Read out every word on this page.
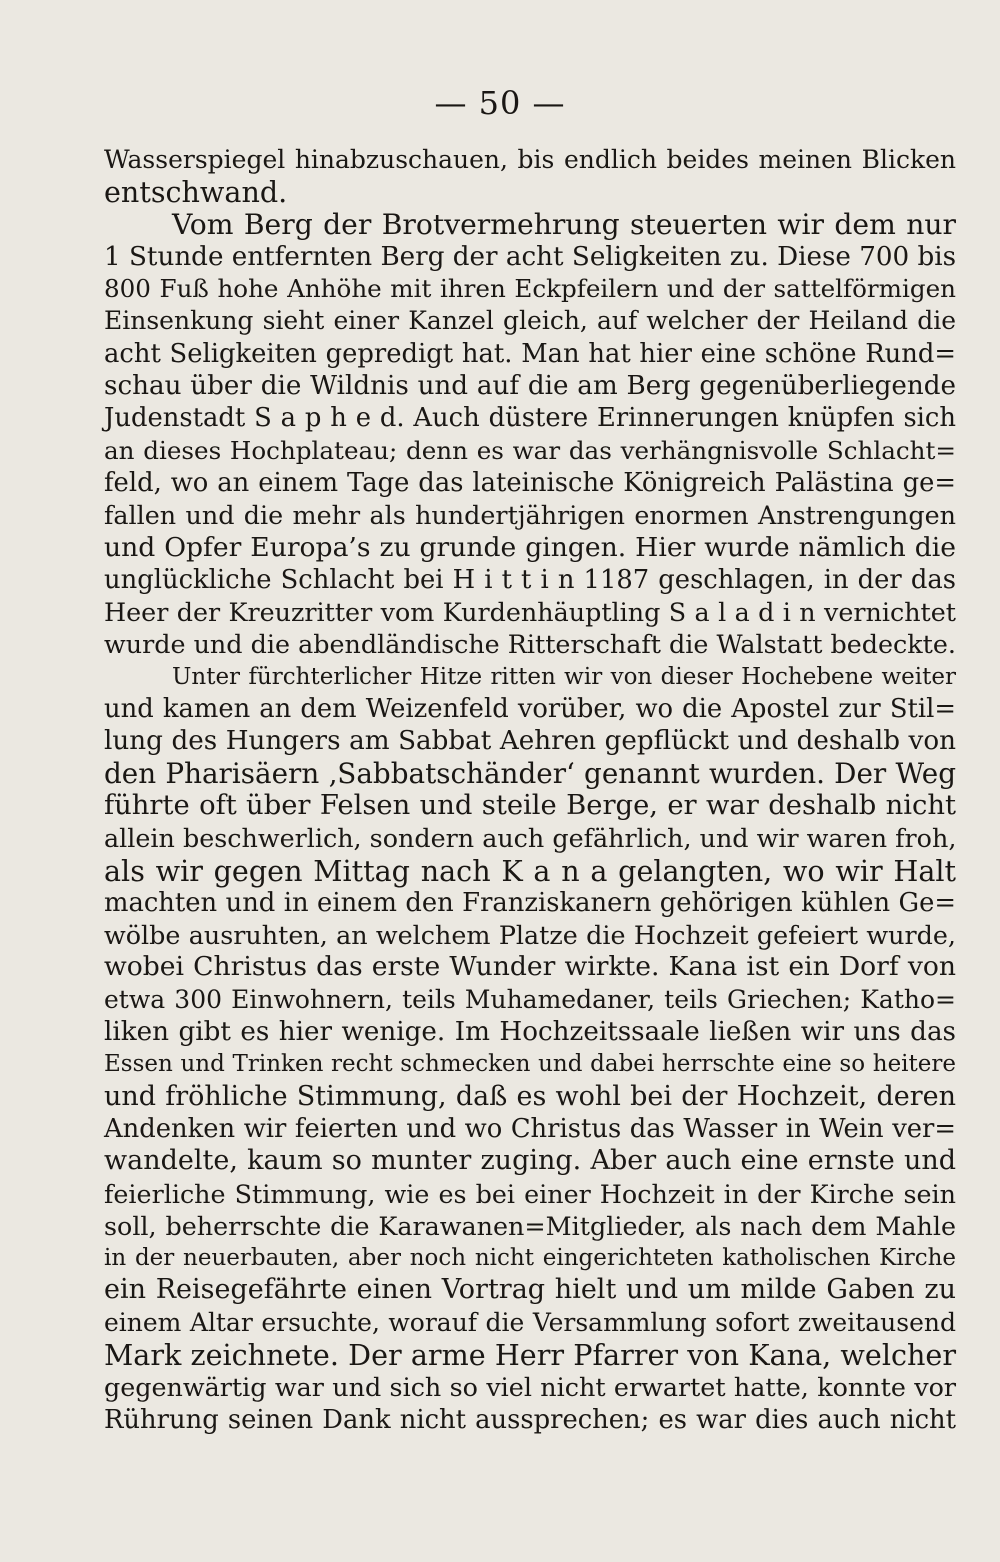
— 50 —
Wasserspiegel hinabzuschauen, bis endlich beides meinen Blicken
entschwand.
Vom Berg der Brotvermehrung steuerten wir dem nur
1 Stunde entfernten Berg der acht Seligkeiten zu. Diese 700 bis
800 Fuß hohe Anhöhe mit ihren Eckpfeilern und der sattelförmigen
Einsenkung sieht einer Kanzel gleich, auf welcher der Heiland die
acht Seligkeiten gepredigt hat. Man hat hier eine schöne Rund=
schau über die Wildnis und auf die am Berg gegenüberliegende
Judenstadt S a p h e d. Auch düstere Erinnerungen knüpfen sich
an dieses Hochplateau; denn es war das verhängnisvolle Schlacht=
feld, wo an einem Tage das lateinische Königreich Palästina ge=
fallen und die mehr als hundertjährigen enormen Anstrengungen
und Opfer Europa’s zu grunde gingen. Hier wurde nämlich die
unglückliche Schlacht bei H i t t i n 1187 geschlagen, in der das
Heer der Kreuzritter vom Kurdenhäuptling S a l a d i n vernichtet
wurde und die abendländische Ritterschaft die Walstatt bedeckte.
Unter fürchterlicher Hitze ritten wir von dieser Hochebene weiter
und kamen an dem Weizenfeld vorüber, wo die Apostel zur Stil=
lung des Hungers am Sabbat Aehren gepflückt und deshalb von
den Pharisäern ‚Sabbatschänder‘ genannt wurden. Der Weg
führte oft über Felsen und steile Berge, er war deshalb nicht
allein beschwerlich, sondern auch gefährlich, und wir waren froh,
als wir gegen Mittag nach K a n a gelangten, wo wir Halt
machten und in einem den Franziskanern gehörigen kühlen Ge=
wölbe ausruhten, an welchem Platze die Hochzeit gefeiert wurde,
wobei Christus das erste Wunder wirkte. Kana ist ein Dorf von
etwa 300 Einwohnern, teils Muhamedaner, teils Griechen; Katho=
liken gibt es hier wenige. Im Hochzeitssaale ließen wir uns das
Essen und Trinken recht schmecken und dabei herrschte eine so heitere
und fröhliche Stimmung, daß es wohl bei der Hochzeit, deren
Andenken wir feierten und wo Christus das Wasser in Wein ver=
wandelte, kaum so munter zuging. Aber auch eine ernste und
feierliche Stimmung, wie es bei einer Hochzeit in der Kirche sein
soll, beherrschte die Karawanen=Mitglieder, als nach dem Mahle
in der neuerbauten, aber noch nicht eingerichteten katholischen Kirche
ein Reisegefährte einen Vortrag hielt und um milde Gaben zu
einem Altar ersuchte, worauf die Versammlung sofort zweitausend
Mark zeichnete. Der arme Herr Pfarrer von Kana, welcher
gegenwärtig war und sich so viel nicht erwartet hatte, konnte vor
Rührung seinen Dank nicht aussprechen; es war dies auch nicht
